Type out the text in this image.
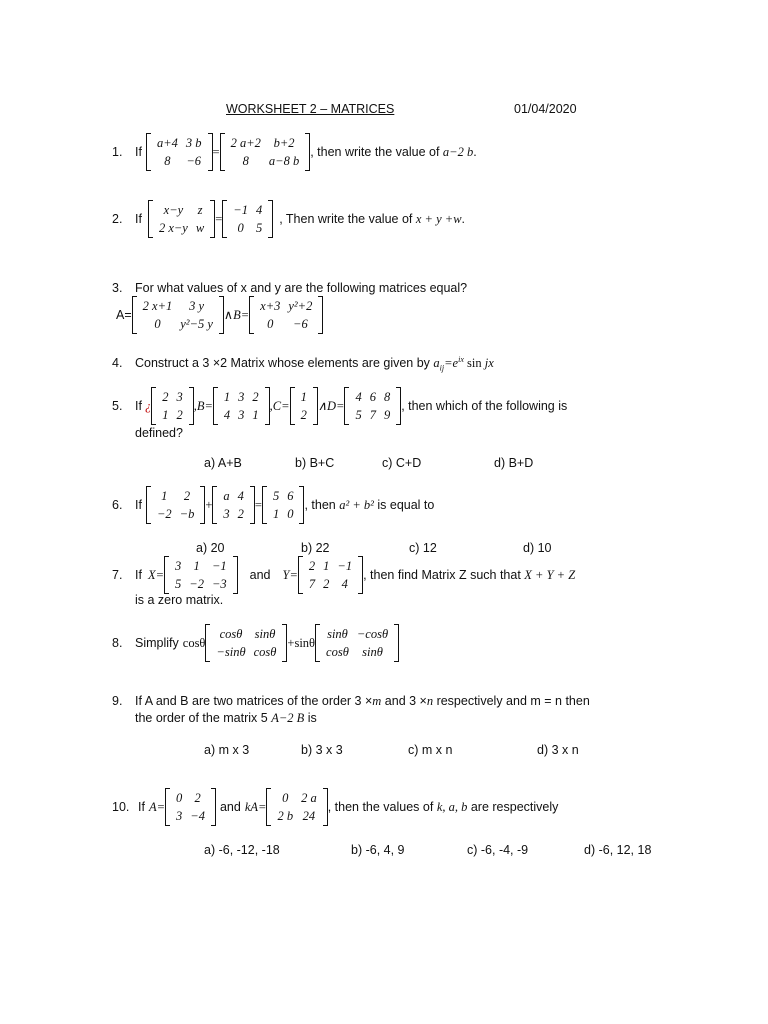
WORKSHEET 2 – MATRICES	01/04/2020
1.	If
a+4	3 b
8	−6
=
2 a+2	b+2
8	a−8 b
, then write the value of a−2 b .
2.	If
x−y	z
2 x−y	w
=
−1	4
0	5
, Then write the value of x + y +w .
3. For what values of x and y are the following matrices equal?
A=
2 x+1	3 y
0	y²−5 y
∧ B=
x+3	y²+2
0	−6
4. Construct a 3 ×2 Matrix whose elements are given by $a_{ij}=e^{ix}$ sin jx
5.	If ¿
2	3
1	2
,B=
1	3	2
4	3	1
,C=
1
2
∧D=
4	6	8
5	7	9
, then which of the following is
defined?
a) A+B	b) B+C	c) C+D	d) B+D
6.	If
1	2
−2	−b
+
a	4
3	2
=
5	6
1	0
, then a² + b² is equal to
a) 20	b) 22	c) 12	d) 10
7.	If X=
3	1	−1
5	−2	−3
and Y=
2	1	−1
7	2	4
, then find Matrix Z such that X + Y + Z
is a zero matrix.
8.	Simplify cosθ
cosθ	sinθ
−sinθ	cosθ
+ sinθ
sinθ	−cosθ
cosθ	sinθ
9. If A and B are two matrices of the order 3 ×m and 3 ×n respectively and m = n then
the order of the matrix 5 A−2 B is
a) m x 3	b) 3 x 3	c) m x n	d) 3 x n
10. If A=
0	2
3	−4
and kA=
0	2 a
2 b	24
, then the values of k, a, b are respectively
a) -6, -12, -18	b) -6, 4, 9	c) -6, -4, -9	d) -6, 12, 18
